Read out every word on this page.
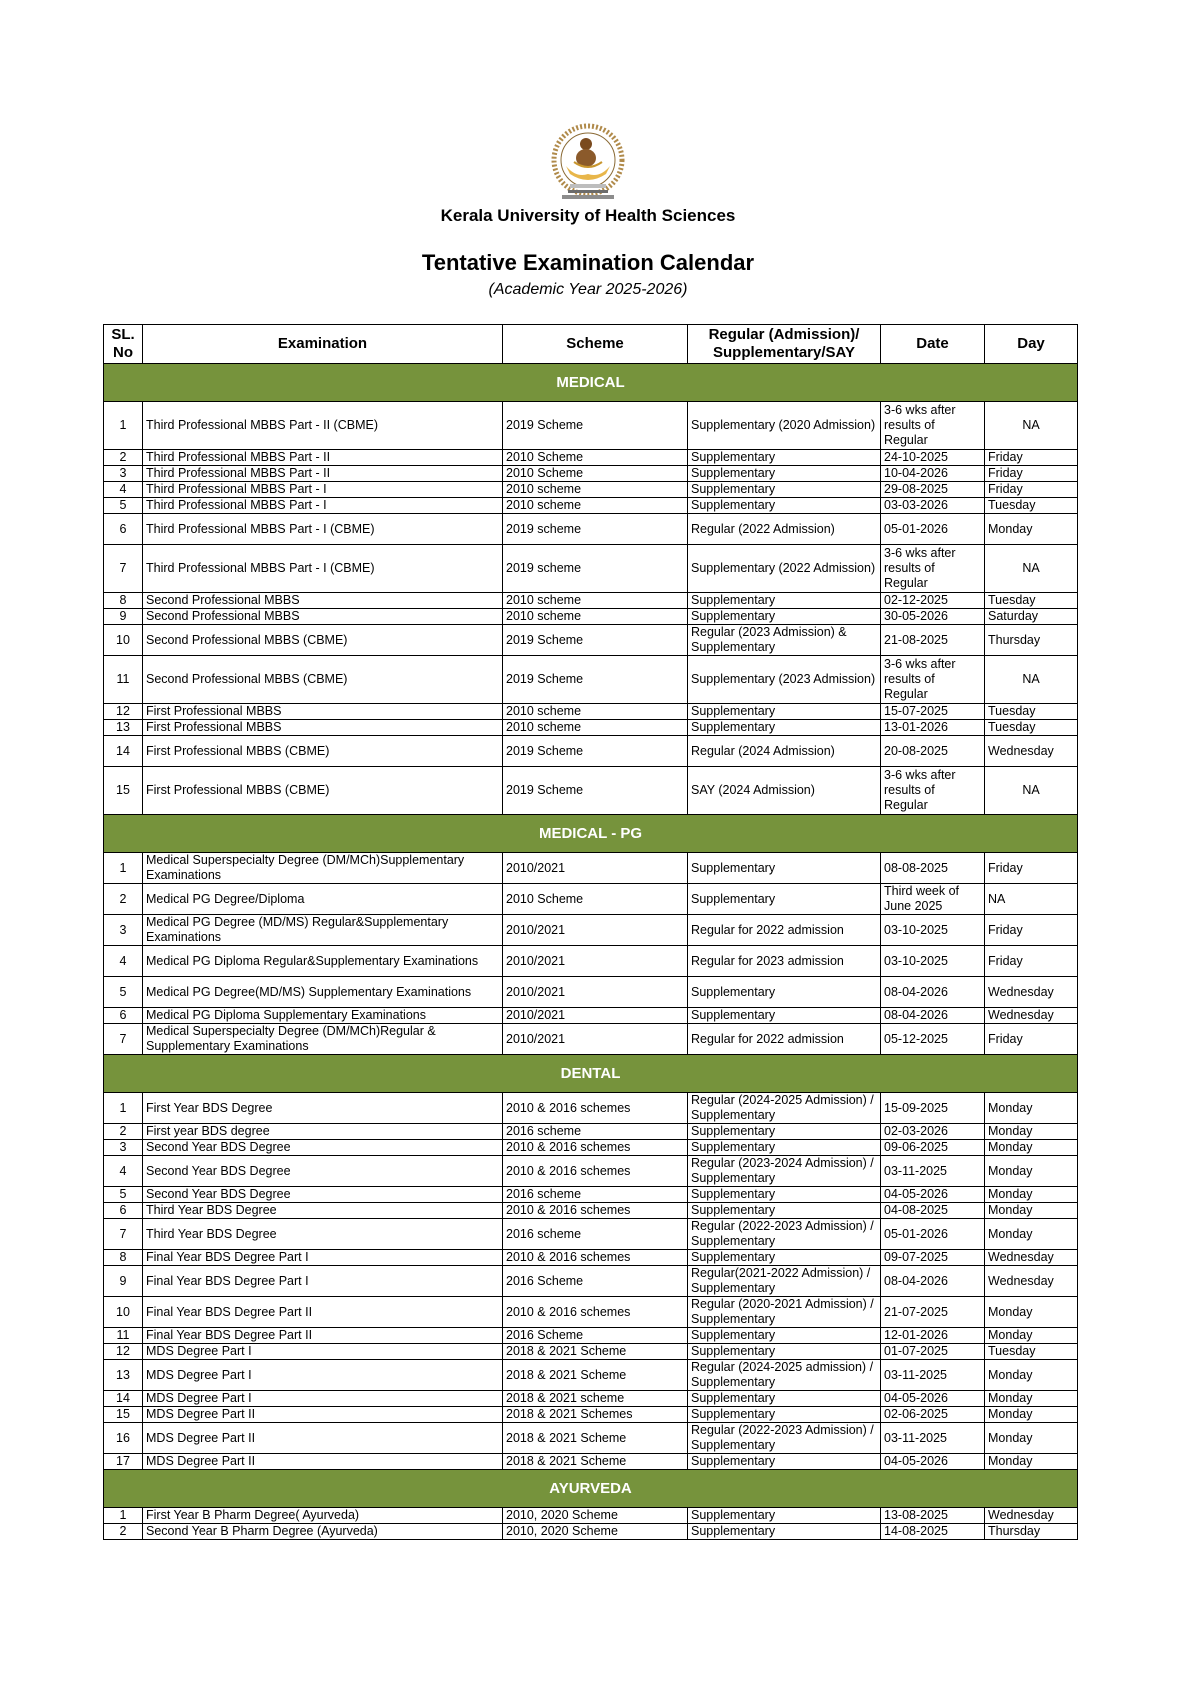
Kerala University of Health Sciences
Tentative Examination Calendar
(Academic Year 2025-2026)
SL. No	Examination	Scheme	Regular (Admission)/ Supplementary/SAY	Date	Day
MEDICAL					
1	Third Professional MBBS Part - II (CBME)	2019 Scheme	Supplementary (2020 Admission)	3-6 wks after results of Regular	NA
2	Third Professional MBBS Part - II	2010 Scheme	Supplementary	24-10-2025	Friday
3	Third Professional MBBS Part - II	2010 Scheme	Supplementary	10-04-2026	Friday
4	Third Professional MBBS Part - I	2010 scheme	Supplementary	29-08-2025	Friday
5	Third Professional MBBS Part - I	2010 scheme	Supplementary	03-03-2026	Tuesday
6	Third Professional MBBS Part - I (CBME)	2019 scheme	Regular (2022 Admission)	05-01-2026	Monday
7	Third Professional MBBS Part - I (CBME)	2019 scheme	Supplementary (2022 Admission)	3-6 wks after results of Regular	NA
8	Second Professional MBBS	2010 scheme	Supplementary	02-12-2025	Tuesday
9	Second Professional MBBS	2010 scheme	Supplementary	30-05-2026	Saturday
10	Second Professional MBBS (CBME)	2019 Scheme	Regular (2023 Admission) & Supplementary	21-08-2025	Thursday
11	Second Professional MBBS (CBME)	2019 Scheme	Supplementary (2023 Admission)	3-6 wks after results of Regular	NA
12	First Professional MBBS	2010 scheme	Supplementary	15-07-2025	Tuesday
13	First Professional MBBS	2010 scheme	Supplementary	13-01-2026	Tuesday
14	First Professional MBBS (CBME)	2019 Scheme	Regular (2024 Admission)	20-08-2025	Wednesday
15	First Professional MBBS (CBME)	2019 Scheme	SAY (2024 Admission)	3-6 wks after results of Regular	NA
MEDICAL - PG					
1	Medical Superspecialty Degree (DM/MCh)Supplementary Examinations	2010/2021	Supplementary	08-08-2025	Friday
2	Medical PG Degree/Diploma	2010 Scheme	Supplementary	Third week of June 2025	NA
3	Medical PG Degree (MD/MS) Regular&Supplementary Examinations	2010/2021	Regular for 2022 admission	03-10-2025	Friday
4	Medical PG Diploma Regular&Supplementary Examinations	2010/2021	Regular for 2023 admission	03-10-2025	Friday
5	Medical PG Degree(MD/MS) Supplementary Examinations	2010/2021	Supplementary	08-04-2026	Wednesday
6	Medical PG Diploma Supplementary Examinations	2010/2021	Supplementary	08-04-2026	Wednesday
7	Medical Superspecialty Degree (DM/MCh)Regular & Supplementary Examinations	2010/2021	Regular for 2022 admission	05-12-2025	Friday
DENTAL					
1	First Year BDS Degree	2010 & 2016 schemes	Regular (2024-2025 Admission) / Supplementary	15-09-2025	Monday
2	First year BDS degree	2016 scheme	Supplementary	02-03-2026	Monday
3	Second Year BDS Degree	2010 & 2016 schemes	Supplementary	09-06-2025	Monday
4	Second Year BDS Degree	2010 & 2016 schemes	Regular (2023-2024 Admission) / Supplementary	03-11-2025	Monday
5	Second Year BDS Degree	2016 scheme	Supplementary	04-05-2026	Monday
6	Third Year BDS Degree	2010 & 2016 schemes	Supplementary	04-08-2025	Monday
7	Third Year BDS Degree	2016 scheme	Regular (2022-2023 Admission) / Supplementary	05-01-2026	Monday
8	Final Year BDS Degree Part I	2010 & 2016 schemes	Supplementary	09-07-2025	Wednesday
9	Final Year BDS Degree Part I	2016 Scheme	Regular(2021-2022 Admission) / Supplementary	08-04-2026	Wednesday
10	Final Year BDS Degree Part II	2010 & 2016 schemes	Regular (2020-2021 Admission) / Supplementary	21-07-2025	Monday
11	Final Year BDS Degree Part II	2016 Scheme	Supplementary	12-01-2026	Monday
12	MDS Degree Part I	2018 & 2021 Scheme	Supplementary	01-07-2025	Tuesday
13	MDS Degree Part I	2018 & 2021 Scheme	Regular (2024-2025 admission) / Supplementary	03-11-2025	Monday
14	MDS Degree Part I	2018 & 2021 scheme	Supplementary	04-05-2026	Monday
15	MDS Degree Part II	2018 & 2021 Schemes	Supplementary	02-06-2025	Monday
16	MDS Degree Part II	2018 & 2021 Scheme	Regular (2022-2023 Admission) / Supplementary	03-11-2025	Monday
17	MDS Degree Part II	2018 & 2021 Scheme	Supplementary	04-05-2026	Monday
AYURVEDA					
1	First Year B Pharm Degree( Ayurveda)	2010, 2020 Scheme	Supplementary	13-08-2025	Wednesday
2	Second Year B Pharm Degree (Ayurveda)	2010, 2020 Scheme	Supplementary	14-08-2025	Thursday
